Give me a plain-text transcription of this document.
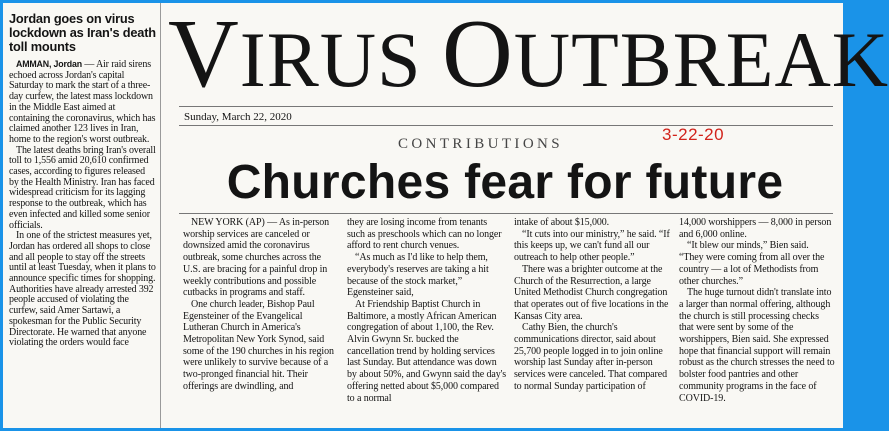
Jordan goes on virus lockdown as Iran's death toll mounts

AMMAN, Jordan — Air raid sirens echoed across Jordan's capital Saturday to mark the start of a three-day curfew, the latest mass lockdown in the Middle East aimed at containing the coronavirus, which has claimed another 123 lives in Iran, home to the region's worst outbreak.

The latest deaths bring Iran's overall toll to 1,556 amid 20,610 confirmed cases, according to figures released by the Health Ministry. Iran has faced widespread criticism for its lagging response to the outbreak, which has even infected and killed some senior officials.

In one of the strictest measures yet, Jordan has ordered all shops to close and all people to stay off the streets until at least Tuesday, when it plans to announce specific times for shopping. Authorities have already arrested 392 people accused of violating the curfew, said Amer Sartawi, a spokesman for the Public Security Directorate. He warned that anyone violating the orders would face

VIRUS OUTBREAK
Sunday, March 22, 2020
CONTRIBUTIONS	3-22-20
Churches fear for future

NEW YORK (AP) — As in-person worship services are canceled or downsized amid the coronavirus outbreak, some churches across the U.S. are bracing for a painful drop in weekly contributions and possible cutbacks in programs and staff.

One church leader, Bishop Paul Egensteiner of the Evangelical Lutheran Church in America's Metropolitan New York Synod, said some of the 190 churches in his region were unlikely to survive because of a two-pronged financial hit. Their offerings are dwindling, and

they are losing income from tenants such as preschools which can no longer afford to rent church venues.

“As much as I'd like to help them, everybody's reserves are taking a hit because of the stock market,” Egensteiner said,

At Friendship Baptist Church in Baltimore, a mostly African American congregation of about 1,100, the Rev. Alvin Gwynn Sr. bucked the cancellation trend by holding services last Sunday. But attendance was down by about 50%, and Gwynn said the day's offering netted about $5,000 compared to a normal

intake of about $15,000.

“It cuts into our ministry,” he said. “If this keeps up, we can't fund all our outreach to help other people.”

There was a brighter outcome at the Church of the Resurrection, a large United Methodist Church congregation that operates out of five locations in the Kansas City area.

Cathy Bien, the church's communications director, said about 25,700 people logged in to join online worship last Sunday after in-person services were canceled. That compared to normal Sunday participation of

14,000 worshippers — 8,000 in person and 6,000 online.

“It blew our minds,” Bien said. “They were coming from all over the country — a lot of Methodists from other churches.”

The huge turnout didn't translate into a larger than normal offering, although the church is still processing checks that were sent by some of the worshippers, Bien said. She expressed hope that financial support will remain robust as the church stresses the need to bolster food pantries and other community programs in the face of COVID-19.
